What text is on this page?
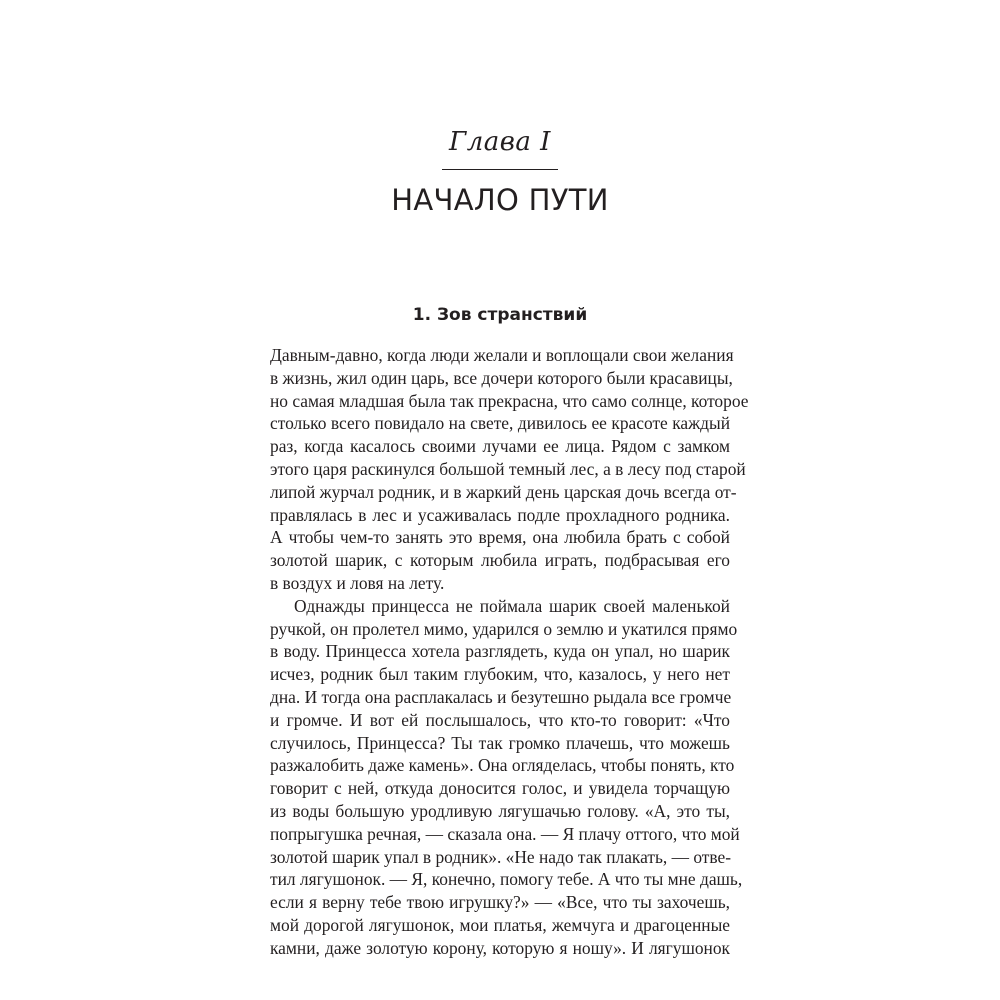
Глава I
НАЧАЛО ПУТИ
1. Зов странствий
Давным-давно, когда люди желали и воплощали свои желания
в жизнь, жил один царь, все дочери которого были красавицы,
но самая младшая была так прекрасна, что само солнце, которое
столько всего повидало на свете, дивилось ее красоте каждый
раз, когда касалось своими лучами ее лица. Рядом с замком
этого царя раскинулся большой темный лес, а в лесу под старой
липой журчал родник, и в жаркий день царская дочь всегда от-
правлялась в лес и усаживалась подле прохладного родника.
А чтобы чем-то занять это время, она любила брать с собой
золотой шарик, с которым любила играть, подбрасывая его
в воздух и ловя на лету.
Однажды принцесса не поймала шарик своей маленькой
ручкой, он пролетел мимо, ударился о землю и укатился прямо
в воду. Принцесса хотела разглядеть, куда он упал, но шарик
исчез, родник был таким глубоким, что, казалось, у него нет
дна. И тогда она расплакалась и безутешно рыдала все громче
и громче. И вот ей послышалось, что кто-то говорит: «Что
случилось, Принцесса? Ты так громко плачешь, что можешь
разжалобить даже камень». Она огляделась, чтобы понять, кто
говорит с ней, откуда доносится голос, и увидела торчащую
из воды большую уродливую лягушачью голову. «А, это ты,
попрыгушка речная, — сказала она. — Я плачу оттого, что мой
золотой шарик упал в родник». «Не надо так плакать, — отве-
тил лягушонок. — Я, конечно, помогу тебе. А что ты мне дашь,
если я верну тебе твою игрушку?» — «Все, что ты захочешь,
мой дорогой лягушонок, мои платья, жемчуга и драгоценные
камни, даже золотую корону, которую я ношу». И лягушонок
